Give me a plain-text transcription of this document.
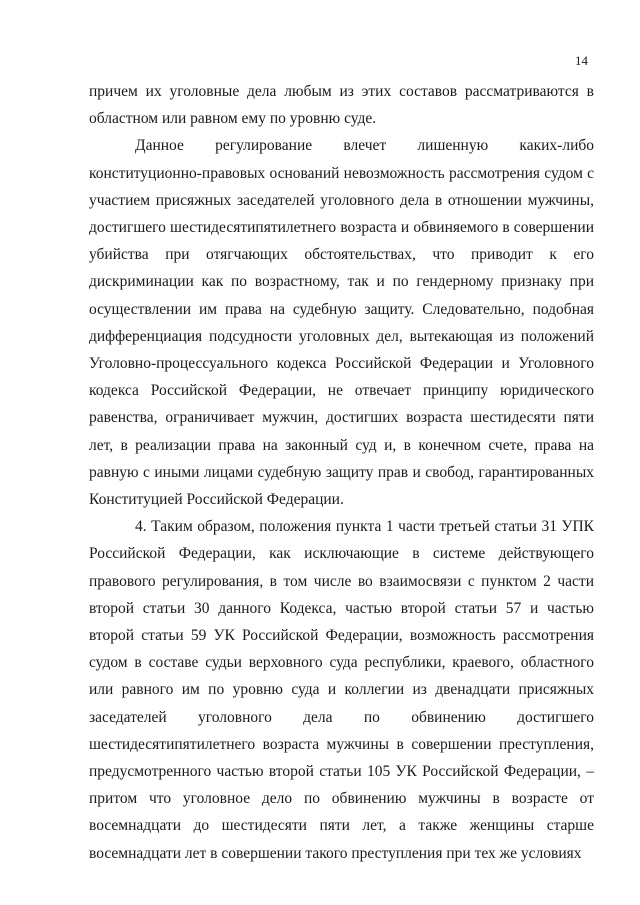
14

причем их уголовные дела любым из этих составов рассматриваются в областном или равном ему по уровню суде.

Данное регулирование влечет лишенную каких-либо конституционно-правовых оснований невозможность рассмотрения судом с участием присяжных заседателей уголовного дела в отношении мужчины, достигшего шестидесятипятилетнего возраста и обвиняемого в совершении убийства при отягчающих обстоятельствах, что приводит к его дискриминации как по возрастному, так и по гендерному признаку при осуществлении им права на судебную защиту. Следовательно, подобная дифференциация подсудности уголовных дел, вытекающая из положений Уголовно-процессуального кодекса Российской Федерации и Уголовного кодекса Российской Федерации, не отвечает принципу юридического равенства, ограничивает мужчин, достигших возраста шестидесяти пяти лет, в реализации права на законный суд и, в конечном счете, права на равную с иными лицами судебную защиту прав и свобод, гарантированных Конституцией Российской Федерации.

4. Таким образом, положения пункта 1 части третьей статьи 31 УПК Российской Федерации, как исключающие в системе действующего правового регулирования, в том числе во взаимосвязи с пунктом 2 части второй статьи 30 данного Кодекса, частью второй статьи 57 и частью второй статьи 59 УК Российской Федерации, возможность рассмотрения судом в составе судьи верховного суда республики, краевого, областного или равного им по уровню суда и коллегии из двенадцати присяжных заседателей уголовного дела по обвинению достигшего шестидесятипятилетнего возраста мужчины в совершении преступления, предусмотренного частью второй статьи 105 УК Российской Федерации, – притом что уголовное дело по обвинению мужчины в возрасте от восемнадцати до шестидесяти пяти лет, а также женщины старше восемнадцати лет в совершении такого преступления при тех же условиях
